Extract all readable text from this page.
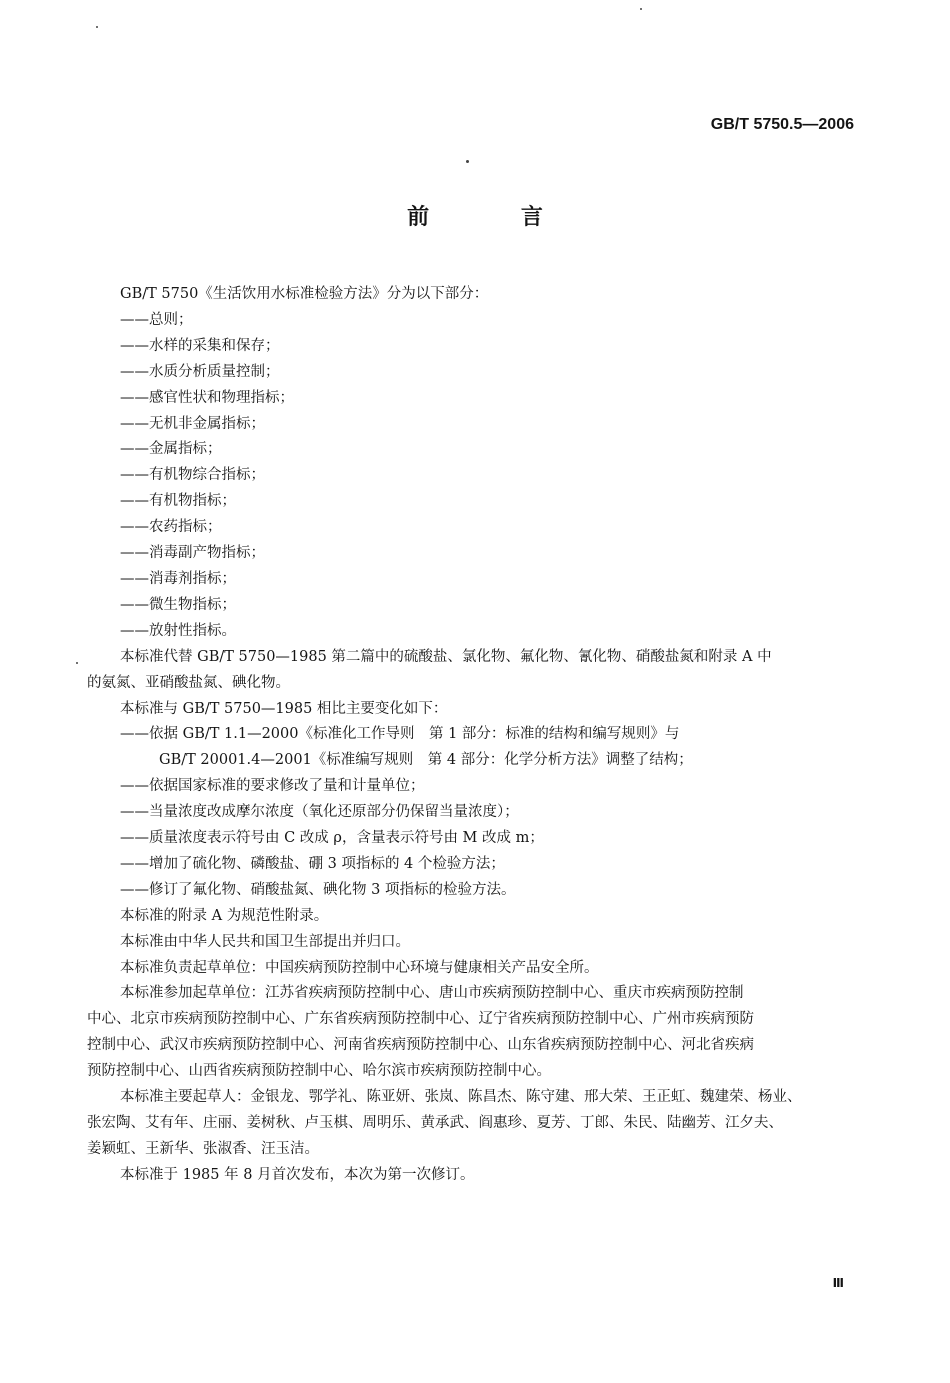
GB/T 5750.5—2006
前 言

GB/T 5750《生活饮用水标准检验方法》分为以下部分：

——总则；

——水样的采集和保存；

——水质分析质量控制；

——感官性状和物理指标；

——无机非金属指标；

——金属指标；

——有机物综合指标；

——有机物指标；

——农药指标；

——消毒副产物指标；

——消毒剂指标；

——微生物指标；

——放射性指标。

本标准代替 GB/T 5750—1985 第二篇中的硫酸盐、氯化物、氟化物、氰化物、硝酸盐氮和附录 A 中

的氨氮、亚硝酸盐氮、碘化物。

本标准与 GB/T 5750—1985 相比主要变化如下：

——依据 GB/T 1.1—2000《标准化工作导则　第 1 部分：标准的结构和编写规则》与

GB/T 20001.4—2001《标准编写规则　第 4 部分：化学分析方法》调整了结构；

——依据国家标准的要求修改了量和计量单位；

——当量浓度改成摩尔浓度（氧化还原部分仍保留当量浓度）；

——质量浓度表示符号由 C 改成 ρ，含量表示符号由 M 改成 m；

——增加了硫化物、磷酸盐、硼 3 项指标的 4 个检验方法；

——修订了氟化物、硝酸盐氮、碘化物 3 项指标的检验方法。

本标准的附录 A 为规范性附录。

本标准由中华人民共和国卫生部提出并归口。

本标准负责起草单位：中国疾病预防控制中心环境与健康相关产品安全所。

本标准参加起草单位：江苏省疾病预防控制中心、唐山市疾病预防控制中心、重庆市疾病预防控制

中心、北京市疾病预防控制中心、广东省疾病预防控制中心、辽宁省疾病预防控制中心、广州市疾病预防

控制中心、武汉市疾病预防控制中心、河南省疾病预防控制中心、山东省疾病预防控制中心、河北省疾病

预防控制中心、山西省疾病预防控制中心、哈尔滨市疾病预防控制中心。

本标准主要起草人：金银龙、鄂学礼、陈亚妍、张岚、陈昌杰、陈守建、邢大荣、王正虹、魏建荣、杨业、

张宏陶、艾有年、庄丽、姜树秋、卢玉棋、周明乐、黄承武、阎惠珍、夏芳、丁郎、朱民、陆幽芳、江夕夫、

姜颖虹、王新华、张淑香、汪玉洁。

本标准于 1985 年 8 月首次发布，本次为第一次修订。

Ⅲ
